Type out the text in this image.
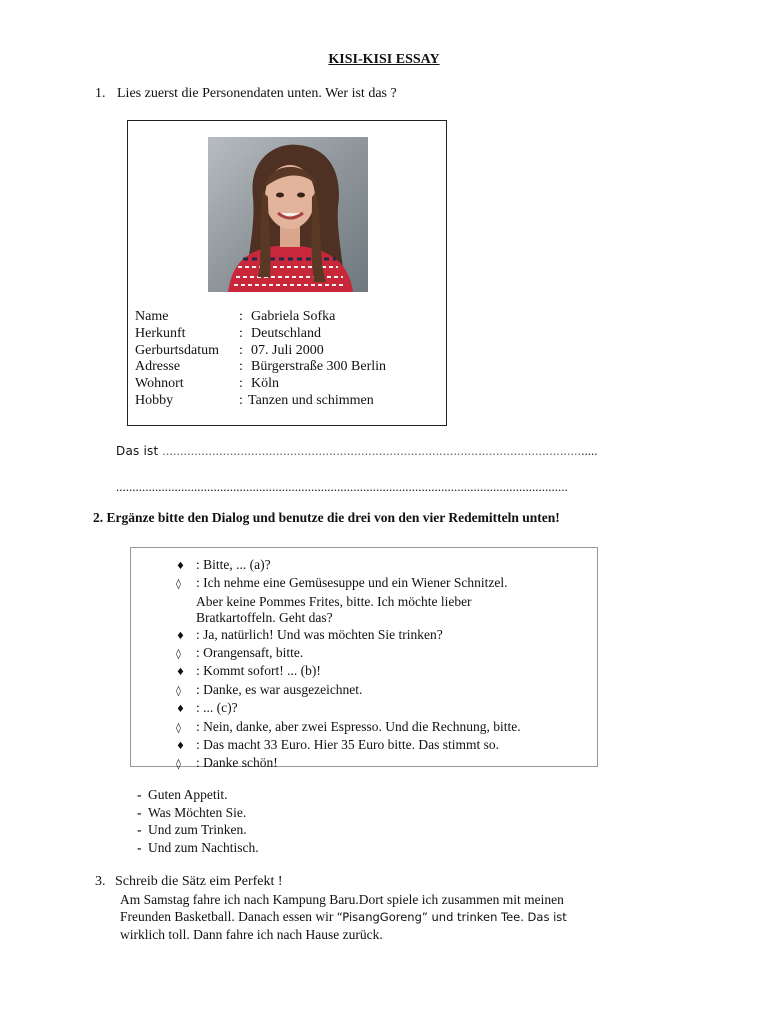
KISI-KISI ESSAY
1. Lies zuerst die Personendaten unten. Wer ist das ?
Name	: Gabriela Sofka
Herkunft	: Deutschland
Gerburtsdatum	: 07. Juli 2000
Adresse	: Bürgerstraße 300 Berlin
Wohnort	: Köln
Hobby	: Tanzen und schimmen
Das ist ...........................................................................................................................
...........................................................................................................................................
2. Ergänze bitte den Dialog und benutze die drei von den vier Redemitteln unten!
♦ : Bitte, ... (a)?
◊ : Ich nehme eine Gemüsesuppe und ein Wiener Schnitzel.
Aber keine Pommes Frites, bitte. Ich möchte lieber
Bratkartoffeln. Geht das?
♦ : Ja, natürlich! Und was möchten Sie trinken?
◊ : Orangensaft, bitte.
♦ : Kommt sofort! ... (b)!
◊ : Danke, es war ausgezeichnet.
♦ : ... (c)?
◊ : Nein, danke, aber zwei Espresso. Und die Rechnung, bitte.
♦ : Das macht 33 Euro. Hier 35 Euro bitte. Das stimmt so.
◊ : Danke schön!
- Guten Appetit.
- Was Möchten Sie.
- Und zum Trinken.
- Und zum Nachtisch.
3. Schreib die Sätz eim Perfekt !
Am Samstag fahre ich nach Kampung Baru.Dort spiele ich zusammen mit meinen
Freunden Basketball. Danach essen wir “PisangGoreng” und trinken Tee. Das ist
wirklich toll. Dann fahre ich nach Hause zurück.
